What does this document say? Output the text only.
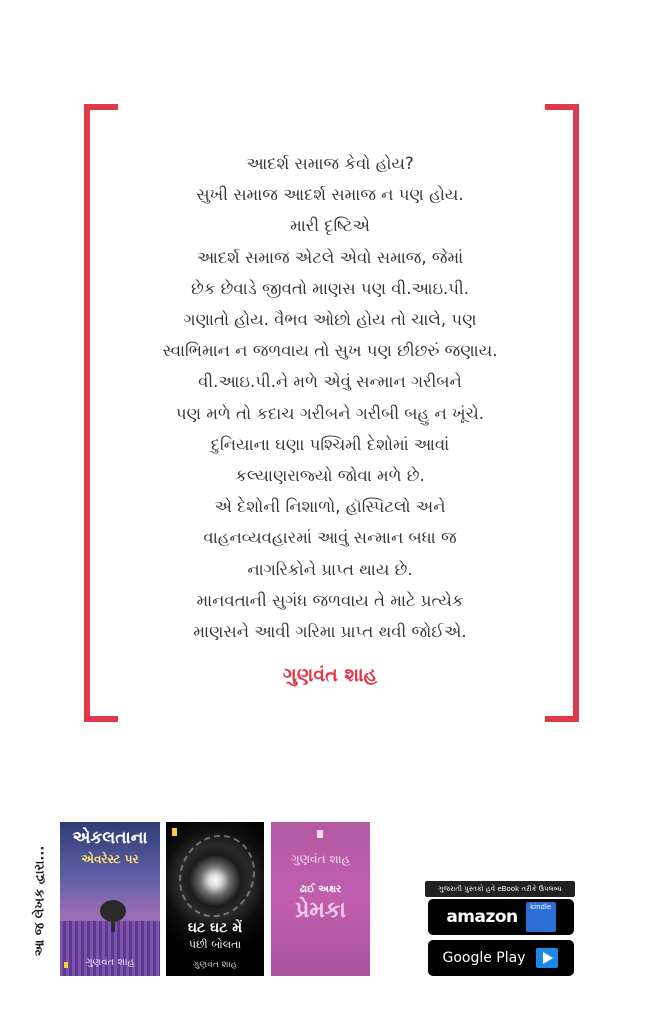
આદર્શ સમાજ કેવો હોય?
સુખી સમાજ આદર્શ સમાજ ન પણ હોય.
મારી દૃષ્ટિએ
આદર્શ સમાજ એટલે એવો સમાજ, જેમાં
છેક છેવાડે જીવતો માણસ પણ વી.આઇ.પી.
ગણાતો હોય. વૈભવ ઓછો હોય તો ચાલે, પણ
સ્વાભિમાન ન જળવાય તો સુખ પણ છીછરું જણાય.
વી.આઇ.પી.ને મળે એવું સન્માન ગરીબને
પણ મળે તો કદાચ ગરીબને ગરીબી બહુ ન ખૂંચે.
દુનિયાના ઘણા પશ્ચિમી દેશોમાં આવાં
કલ્યાણરાજ્યો જોવા મળે છે.
એ દેશોની નિશાળો, હૉસ્પિટલો અને
વાહનવ્યવહારમાં આવું સન્માન બધા જ
નાગરિકોને પ્રાપ્ત થાય છે.
માનવતાની સુગંધ જળવાય તે માટે પ્રત્યેક
માણસને આવી ગરિમા પ્રાપ્ત થવી જોઈએ.
ગુણવંત શાહ
આ જ લેખક દ્વારા...
એકલતાના
એવરેસ્ટ પર
ગુણવંત શાહ
ઘટ ઘટ મેં
પંછી બોલતા
ગુણવંત શાહ
ગુણવંત શાહ
ઢાઈ અક્ષર
પ્રેમકા
ગુજરાતી પુસ્તકો હવે eBook તરીકે ઉપલબ્ધ
amazon	kindle
Google Play
